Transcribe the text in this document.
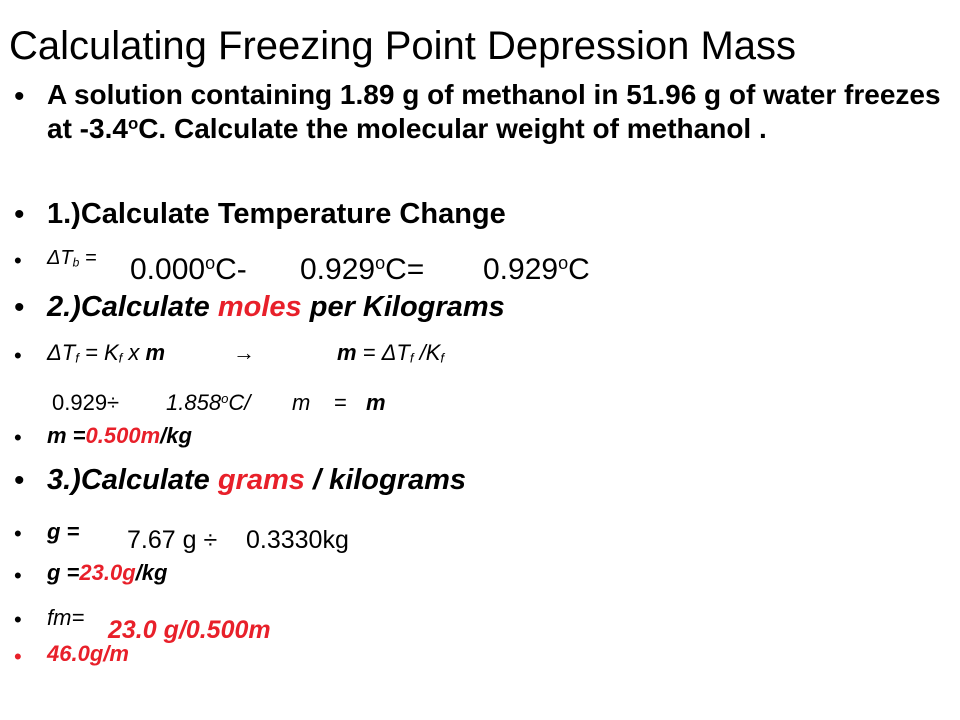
Calculating Freezing Point Depression Mass
• A solution containing 1.89 g of methanol in 51.96 g of water freezes at -3.4$^o$C. Calculate the molecular weight of methanol .
• 1.)Calculate Temperature Change
• $\Delta T_b = 0.000^oC-$ $0.929^oC= 0.929^oC$
• 2.)Calculate moles per Kilograms
• $\Delta T_f = K_f$ x m	→	$m = \Delta T_f$ $/K_f$
$0.929\div 1.858^oC/$ m = m
• m =0.500m/kg
• 3.)Calculate grams / kilograms
• g = 7.67 g ÷ 0.3330kg
• g =23.0g/kg
• fm= 23.0 g/0.500m
• 46.0g/m
